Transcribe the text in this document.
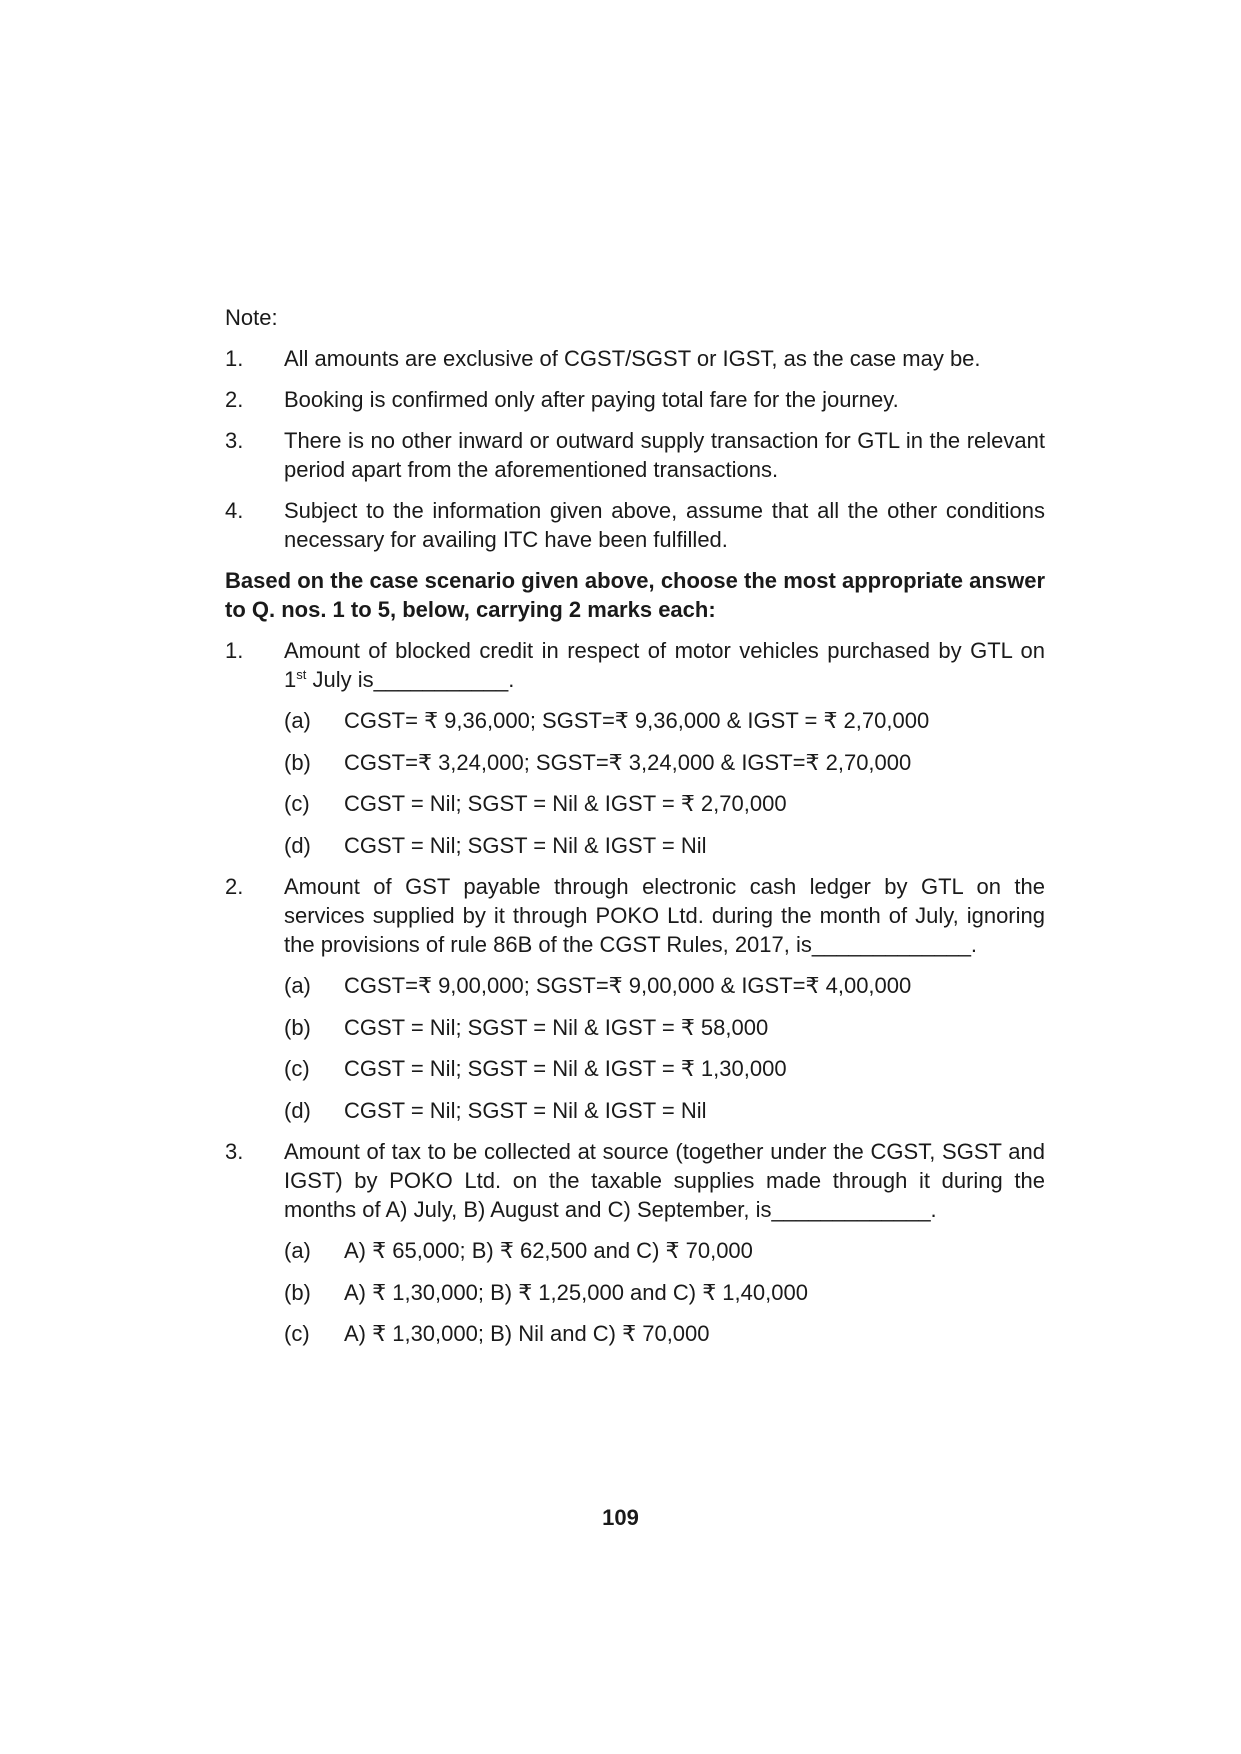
Note:
1.	All amounts are exclusive of CGST/SGST or IGST, as the case may be.
2.	Booking is confirmed only after paying total fare for the journey.
3.	There is no other inward or outward supply transaction for GTL in the relevant period apart from the aforementioned transactions.
4.	Subject to the information given above, assume that all the other conditions necessary for availing ITC have been fulfilled.
Based on the case scenario given above, choose the most appropriate answer to Q. nos. 1 to 5, below, carrying 2 marks each:
1.	Amount of blocked credit in respect of motor vehicles purchased by GTL on 1st July is___________.
(a)	CGST= ₹ 9,36,000; SGST=₹ 9,36,000 & IGST = ₹ 2,70,000
(b)	CGST=₹ 3,24,000; SGST=₹ 3,24,000 & IGST=₹ 2,70,000
(c)	CGST = Nil; SGST = Nil & IGST = ₹ 2,70,000
(d)	CGST = Nil; SGST = Nil & IGST = Nil
2.	Amount of GST payable through electronic cash ledger by GTL on the services supplied by it through POKO Ltd. during the month of July, ignoring the provisions of rule 86B of the CGST Rules, 2017, is_____________.
(a)	CGST=₹ 9,00,000; SGST=₹ 9,00,000 & IGST=₹ 4,00,000
(b)	CGST = Nil; SGST = Nil & IGST = ₹ 58,000
(c)	CGST = Nil; SGST = Nil & IGST = ₹ 1,30,000
(d)	CGST = Nil; SGST = Nil & IGST = Nil
3.	Amount of tax to be collected at source (together under the CGST, SGST and IGST) by POKO Ltd. on the taxable supplies made through it during the months of A) July, B) August and C) September, is_____________.
(a)	A) ₹ 65,000; B) ₹ 62,500 and C) ₹ 70,000
(b)	A) ₹ 1,30,000; B) ₹ 1,25,000 and C) ₹ 1,40,000
(c)	A) ₹ 1,30,000; B) Nil and C) ₹ 70,000
109
